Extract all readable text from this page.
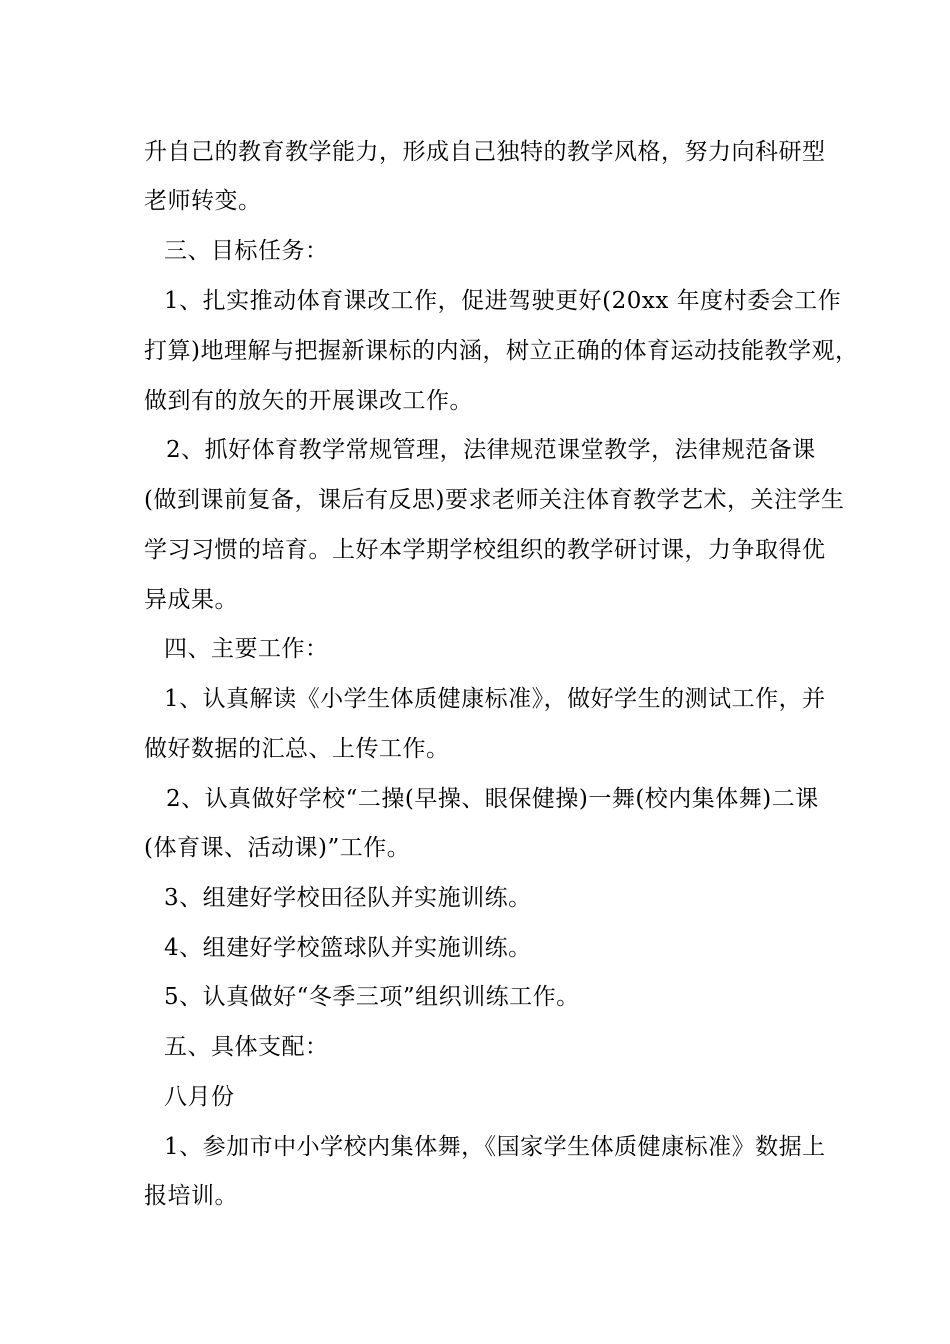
升自己的教育教学能力，形成自己独特的教学风格，努力向科研型
老师转变。
三、目标任务：
1、扎实推动体育课改工作，促进驾驶更好(20xx 年度村委会工作
打算)地理解与把握新课标的内涵，树立正确的体育运动技能教学观，
做到有的放矢的开展课改工作。
2、抓好体育教学常规管理，法律规范课堂教学，法律规范备课
(做到课前复备，课后有反思)要求老师关注体育教学艺术，关注学生
学习习惯的培育。上好本学期学校组织的教学研讨课，力争取得优
异成果。
四、主要工作：
1、认真解读《小学生体质健康标准》，做好学生的测试工作，并
做好数据的汇总、上传工作。
2、认真做好学校“二操(早操、眼保健操)一舞(校内集体舞)二课
(体育课、活动课)”工作。
3、组建好学校田径队并实施训练。
4、组建好学校篮球队并实施训练。
5、认真做好“冬季三项”组织训练工作。
五、具体支配：
八月份
1、参加市中小学校内集体舞，《国家学生体质健康标准》数据上
报培训。
